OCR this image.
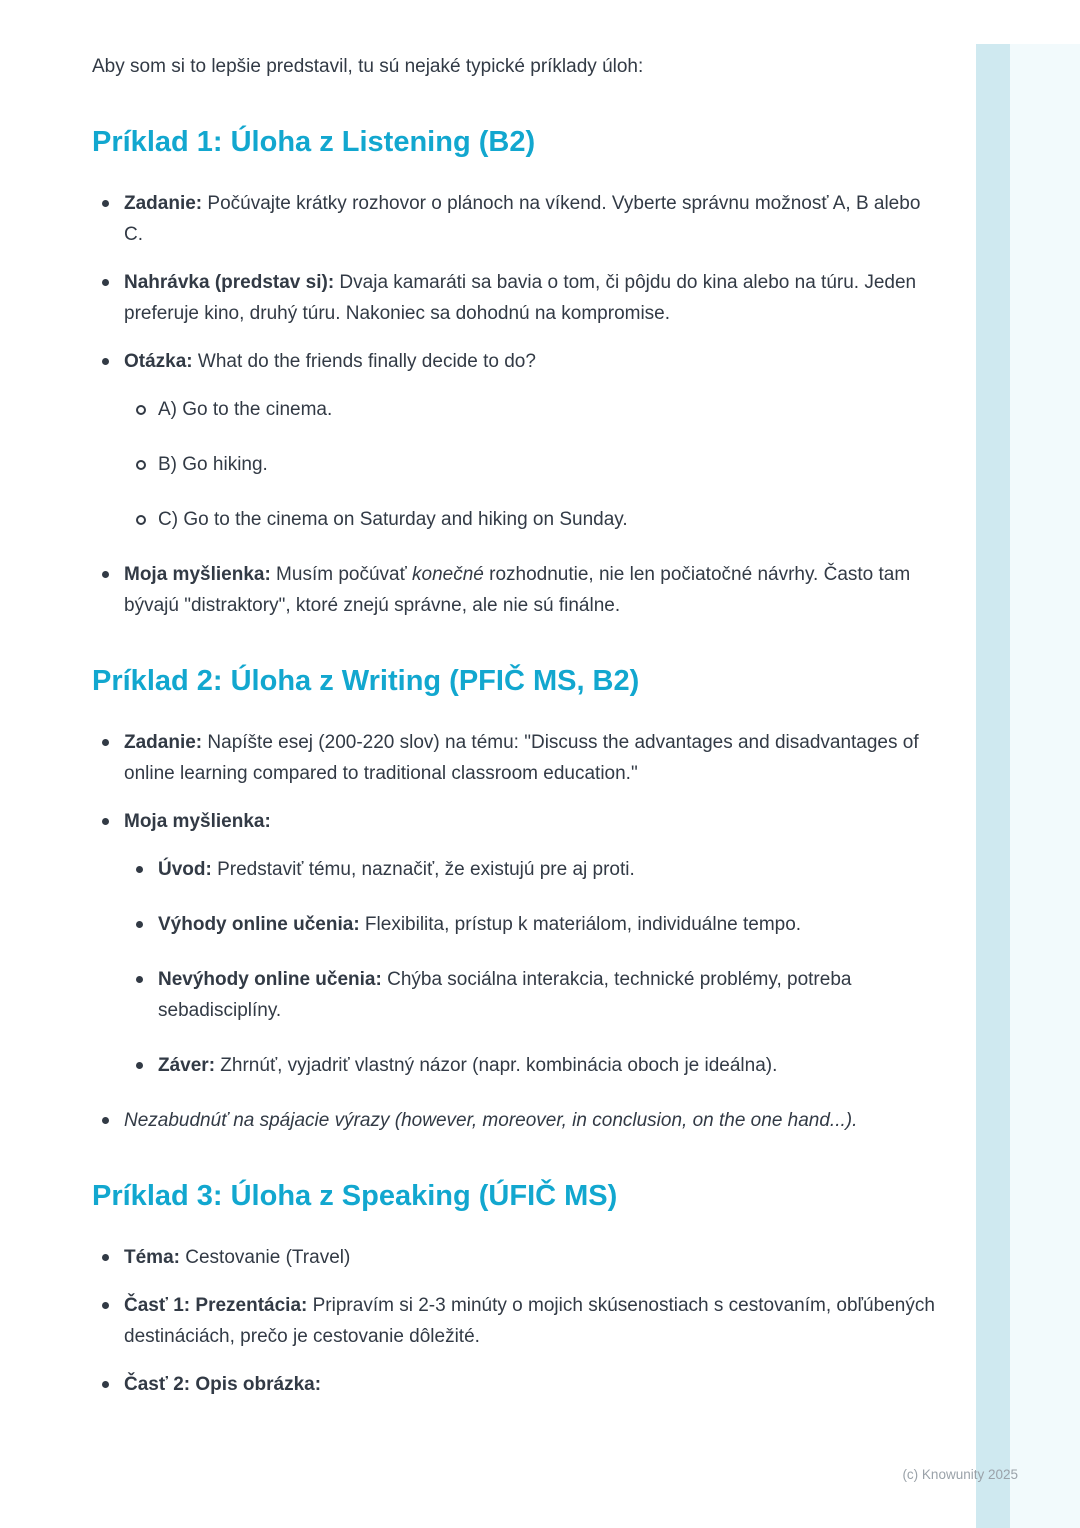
Aby som si to lepšie predstavil, tu sú nejaké typické príklady úloh:

Príklad 1: Úloha z Listening (B2)
Zadanie: Počúvajte krátky rozhovor o plánoch na víkend. Vyberte správnu možnosť A, B alebo C.
Nahrávka (predstav si): Dvaja kamaráti sa bavia o tom, či pôjdu do kina alebo na túru. Jeden preferuje kino, druhý túru. Nakoniec sa dohodnú na kompromise.
Otázka: What do the friends finally decide to do?
A) Go to the cinema.
B) Go hiking.
C) Go to the cinema on Saturday and hiking on Sunday.
Moja myšlienka: Musím počúvať konečné rozhodnutie, nie len počiatočné návrhy. Často tam bývajú "distraktory", ktoré znejú správne, ale nie sú finálne.
Príklad 2: Úloha z Writing (PFIČ MS, B2)
Zadanie: Napíšte esej (200-220 slov) na tému: "Discuss the advantages and disadvantages of online learning compared to traditional classroom education."
Moja myšlienka:
Úvod: Predstaviť tému, naznačiť, že existujú pre aj proti.
Výhody online učenia: Flexibilita, prístup k materiálom, individuálne tempo.
Nevýhody online učenia: Chýba sociálna interakcia, technické problémy, potreba sebadisciplíny.
Záver: Zhrnúť, vyjadriť vlastný názor (napr. kombinácia oboch je ideálna).
Nezabudnúť na spájacie výrazy (however, moreover, in conclusion, on the one hand...).
Príklad 3: Úloha z Speaking (ÚFIČ MS)
Téma: Cestovanie (Travel)
Časť 1: Prezentácia: Pripravím si 2-3 minúty o mojich skúsenostiach s cestovaním, obľúbených destináciách, prečo je cestovanie dôležité.
Časť 2: Opis obrázka:
(c) Knowunity 2025
